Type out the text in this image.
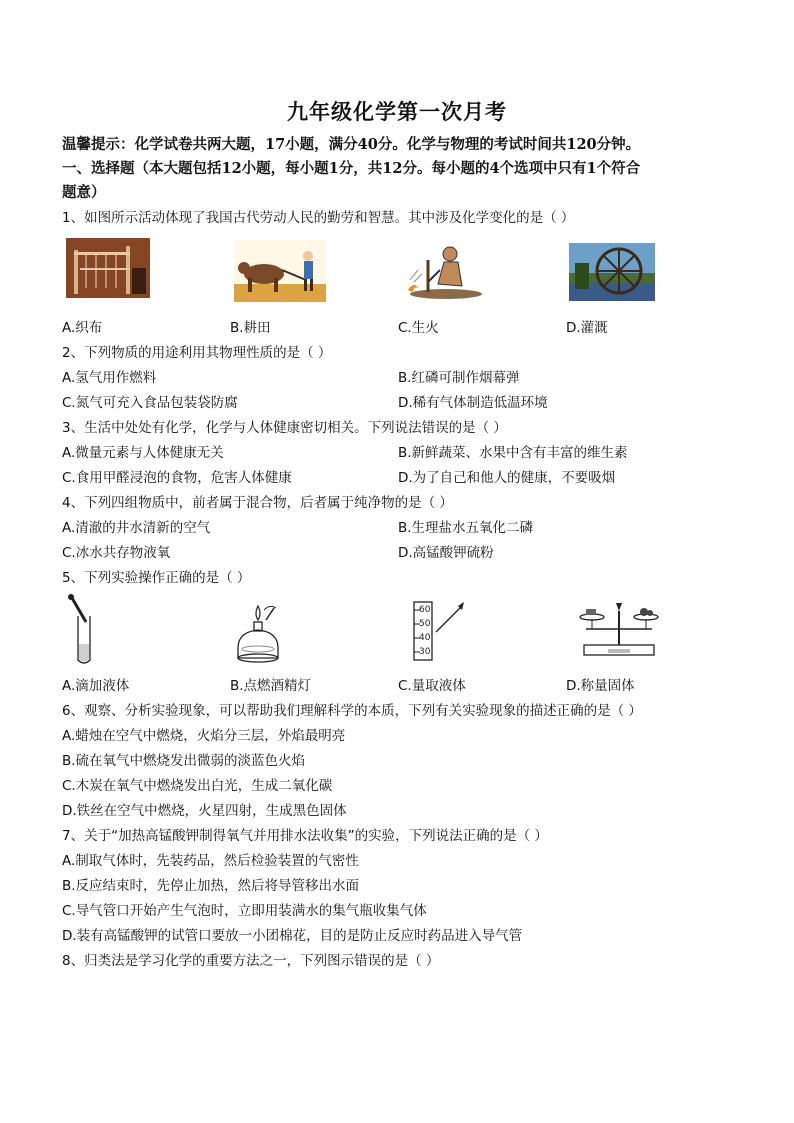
九年级化学第一次月考
温馨提示：化学试卷共两大题，17小题，满分40分。化学与物理的考试时间共120分钟。
一、选择题（本大题包括12小题，每小题1分，共12分。每小题的4个选项中只有1个符合
题意）
1、如图所示活动体现了我国古代劳动人民的勤劳和智慧。其中涉及化学变化的是（ ）
A.织布	B.耕田	C.生火	D.灌溉
2、下列物质的用途利用其物理性质的是（ ）
A.氢气用作燃料	B.红磷可制作烟幕弹
C.氮气可充入食品包装袋防腐	D.稀有气体制造低温环境
3、生活中处处有化学，化学与人体健康密切相关。下列说法错误的是（ ）
A.微量元素与人体健康无关	B.新鲜蔬菜、水果中含有丰富的维生素
C.食用甲醛浸泡的食物，危害人体健康	D.为了自己和他人的健康，不要吸烟
4、下列四组物质中，前者属于混合物，后者属于纯净物的是（ ）
A.清澈的井水清新的空气	B.生理盐水五氧化二磷
C.冰水共存物液氧	D.高锰酸钾硫粉
5、下列实验操作正确的是（ ）
60
50
40
30
A.滴加液体	B.点燃酒精灯	C.量取液体	D.称量固体
6、观察、分析实验现象，可以帮助我们理解科学的本质，下列有关实验现象的描述正确的是（ ）
A.蜡烛在空气中燃烧，火焰分三层，外焰最明亮
B.硫在氧气中燃烧发出微弱的淡蓝色火焰
C.木炭在氧气中燃烧发出白光，生成二氧化碳
D.铁丝在空气中燃烧，火星四射，生成黑色固体
7、关于“加热高锰酸钾制得氧气并用排水法收集”的实验，下列说法正确的是（ ）
A.制取气体时，先装药品，然后检验装置的气密性
B.反应结束时，先停止加热，然后将导管移出水面
C.导气管口开始产生气泡时，立即用装满水的集气瓶收集气体
D.装有高锰酸钾的试管口要放一小团棉花，目的是防止反应时药品进入导气管
8、归类法是学习化学的重要方法之一，下列图示错误的是（ ）
